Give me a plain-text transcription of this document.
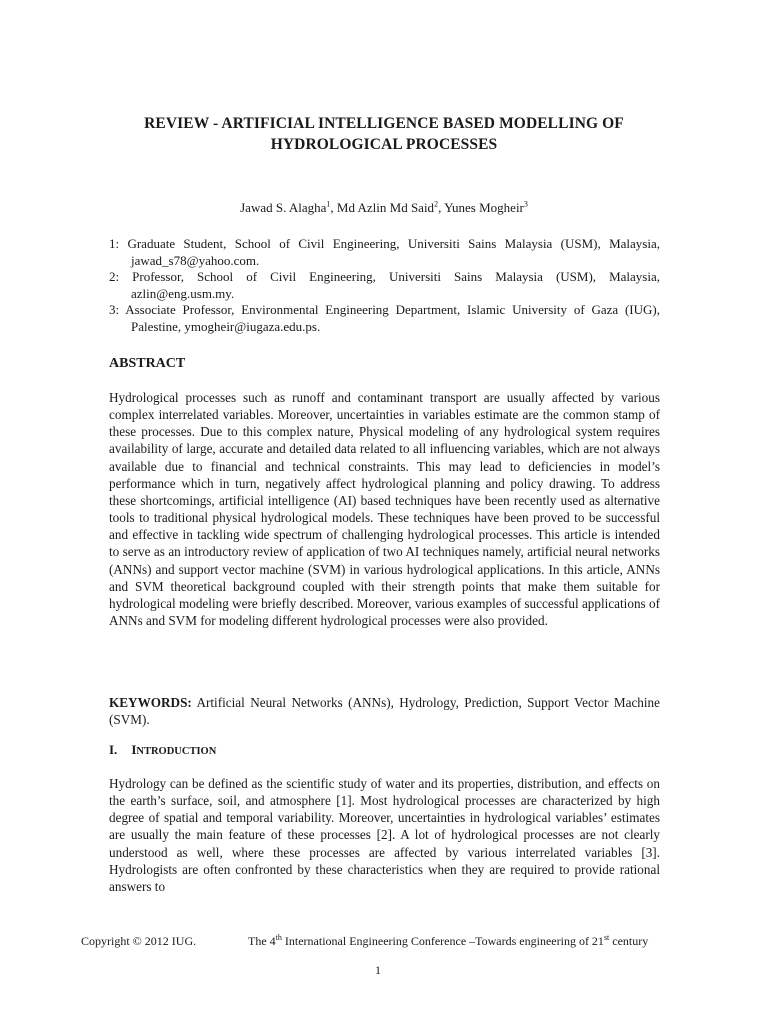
REVIEW - ARTIFICIAL INTELLIGENCE BASED MODELLING OF
HYDROLOGICAL PROCESSES
Jawad S. Alagha$^1$, Md Azlin Md Said$^2$, Yunes Mogheir$^3$

1: Graduate Student, School of Civil Engineering, Universiti Sains Malaysia (USM), Malaysia, jawad_s78@yahoo.com.

2: Professor, School of Civil Engineering, Universiti Sains Malaysia (USM), Malaysia, azlin@eng.usm.my.

3: Associate Professor, Environmental Engineering Department, Islamic University of Gaza (IUG), Palestine, ymogheir@iugaza.edu.ps.

ABSTRACT

Hydrological processes such as runoff and contaminant transport are usually affected by various complex interrelated variables. Moreover, uncertainties in variables estimate are the common stamp of these processes. Due to this complex nature, Physical modeling of any hydrological system requires availability of large, accurate and detailed data related to all influencing variables, which are not always available due to financial and technical constraints. This may lead to deficiencies in model’s performance which in turn, negatively affect hydrological planning and policy drawing. To address these shortcomings, artificial intelligence (AI) based techniques have been recently used as alternative tools to traditional physical hydrological models. These techniques have been proved to be successful and effective in tackling wide spectrum of challenging hydrological processes. This article is intended to serve as an introductory review of application of two AI techniques namely, artificial neural networks (ANNs) and support vector machine (SVM) in various hydrological applications. In this article, ANNs and SVM theoretical background coupled with their strength points that make them suitable for hydrological modeling were briefly described. Moreover, various examples of successful applications of ANNs and SVM for modeling different hydrological processes were also provided.

KEYWORDS: Artificial Neural Networks (ANNs), Hydrology, Prediction, Support Vector Machine (SVM).

I. INTRODUCTION

Hydrology can be defined as the scientific study of water and its properties, distribution, and effects on the earth’s surface, soil, and atmosphere [1]. Most hydrological processes are characterized by high degree of spatial and temporal variability. Moreover, uncertainties in hydrological variables’ estimates are usually the main feature of these processes [2]. A lot of hydrological processes are not clearly understood as well, where these processes are affected by various interrelated variables [3]. Hydrologists are often confronted by these characteristics when they are required to provide rational answers to

Copyright © 2012 IUG.	The 4th International Engineering Conference –Towards engineering of 21st century
1
